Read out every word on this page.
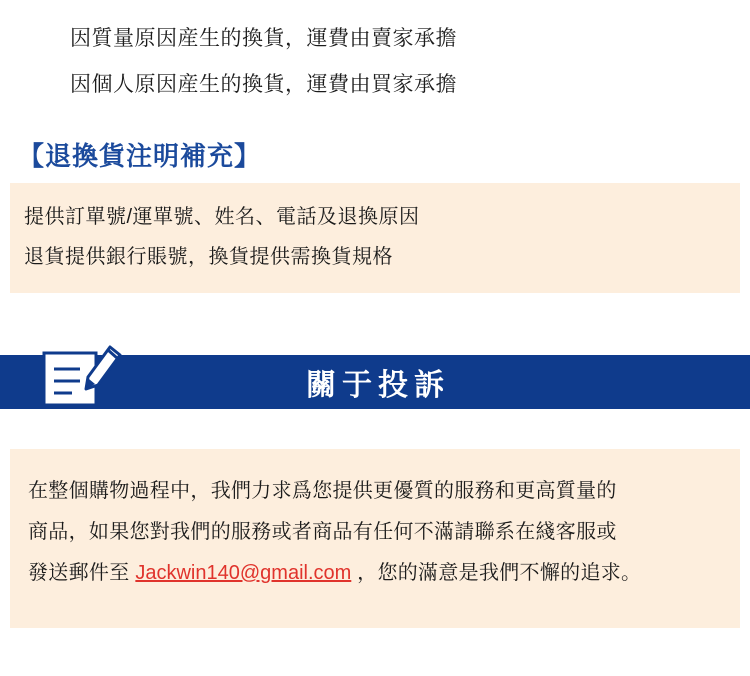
因質量原因産生的換貨，運費由賣家承擔
因個人原因産生的換貨，運費由買家承擔
【退換貨注明補充】
提供訂單號/運單號、姓名、電話及退換原因
退貨提供銀行賬號，換貨提供需換貨規格
關于投訴
在整個購物過程中，我們力求爲您提供更優質的服務和更高質量的
商品，如果您對我們的服務或者商品有任何不滿請聯系在綫客服或
發送郵件至 Jackwin140@gmail.com ，您的滿意是我們不懈的追求。
